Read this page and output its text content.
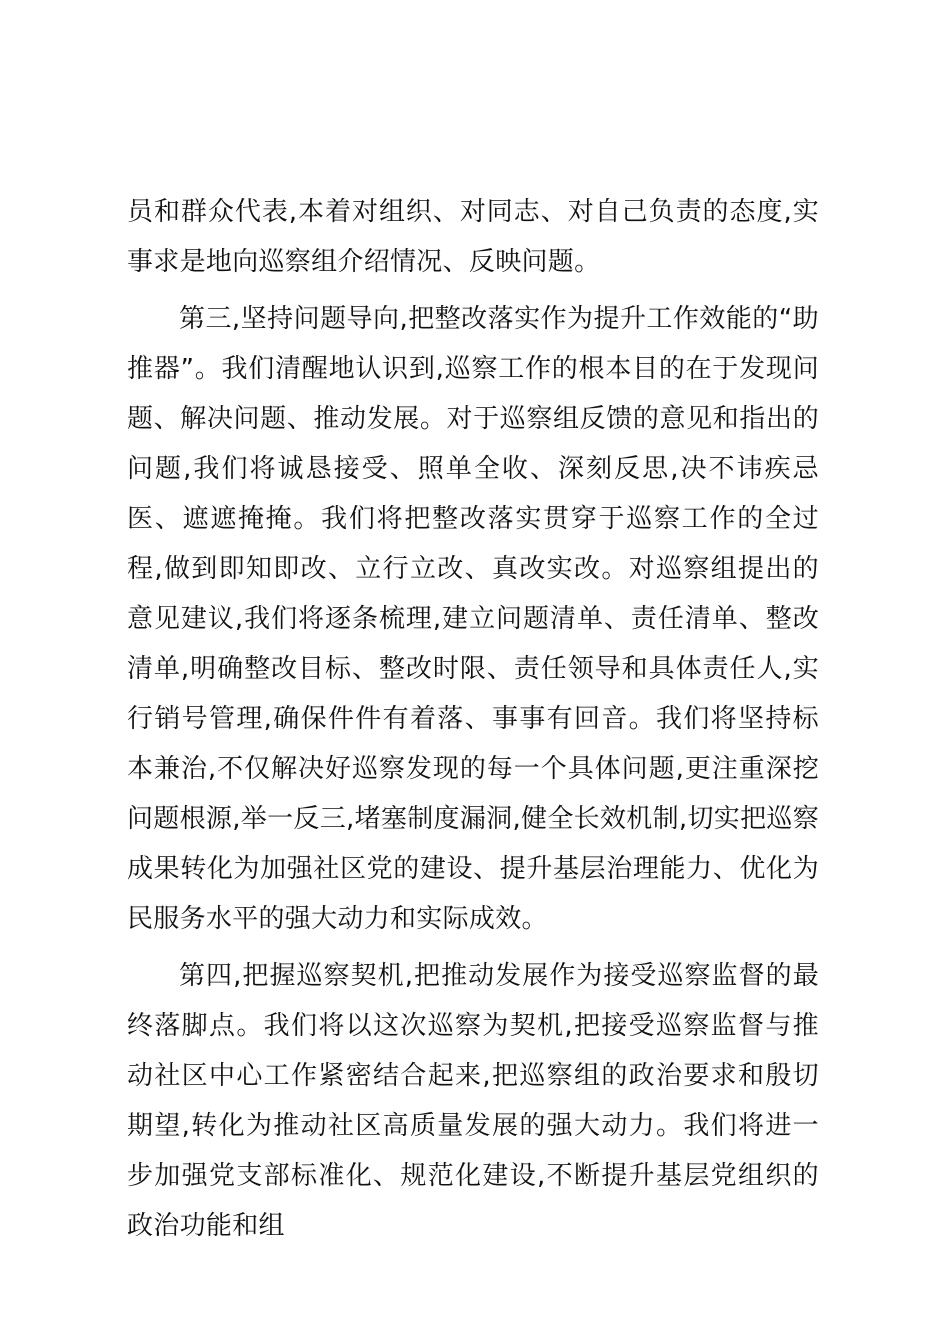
员和群众代表,本着对组织、对同志、对自己负责的态度,实事求是地向巡察组介绍情况、反映问题。

第三,坚持问题导向,把整改落实作为提升工作效能的“助推器”。我们清醒地认识到,巡察工作的根本目的在于发现问题、解决问题、推动发展。对于巡察组反馈的意见和指出的问题,我们将诚恳接受、照单全收、深刻反思,决不讳疾忌医、遮遮掩掩。我们将把整改落实贯穿于巡察工作的全过程,做到即知即改、立行立改、真改实改。对巡察组提出的意见建议,我们将逐条梳理,建立问题清单、责任清单、整改清单,明确整改目标、整改时限、责任领导和具体责任人,实行销号管理,确保件件有着落、事事有回音。我们将坚持标本兼治,不仅解决好巡察发现的每一个具体问题,更注重深挖问题根源,举一反三,堵塞制度漏洞,健全长效机制,切实把巡察成果转化为加强社区党的建设、提升基层治理能力、优化为民服务水平的强大动力和实际成效。

第四,把握巡察契机,把推动发展作为接受巡察监督的最终落脚点。我们将以这次巡察为契机,把接受巡察监督与推动社区中心工作紧密结合起来,把巡察组的政治要求和殷切期望,转化为推动社区高质量发展的强大动力。我们将进一步加强党支部标准化、规范化建设,不断提升基层党组织的政治功能和组
